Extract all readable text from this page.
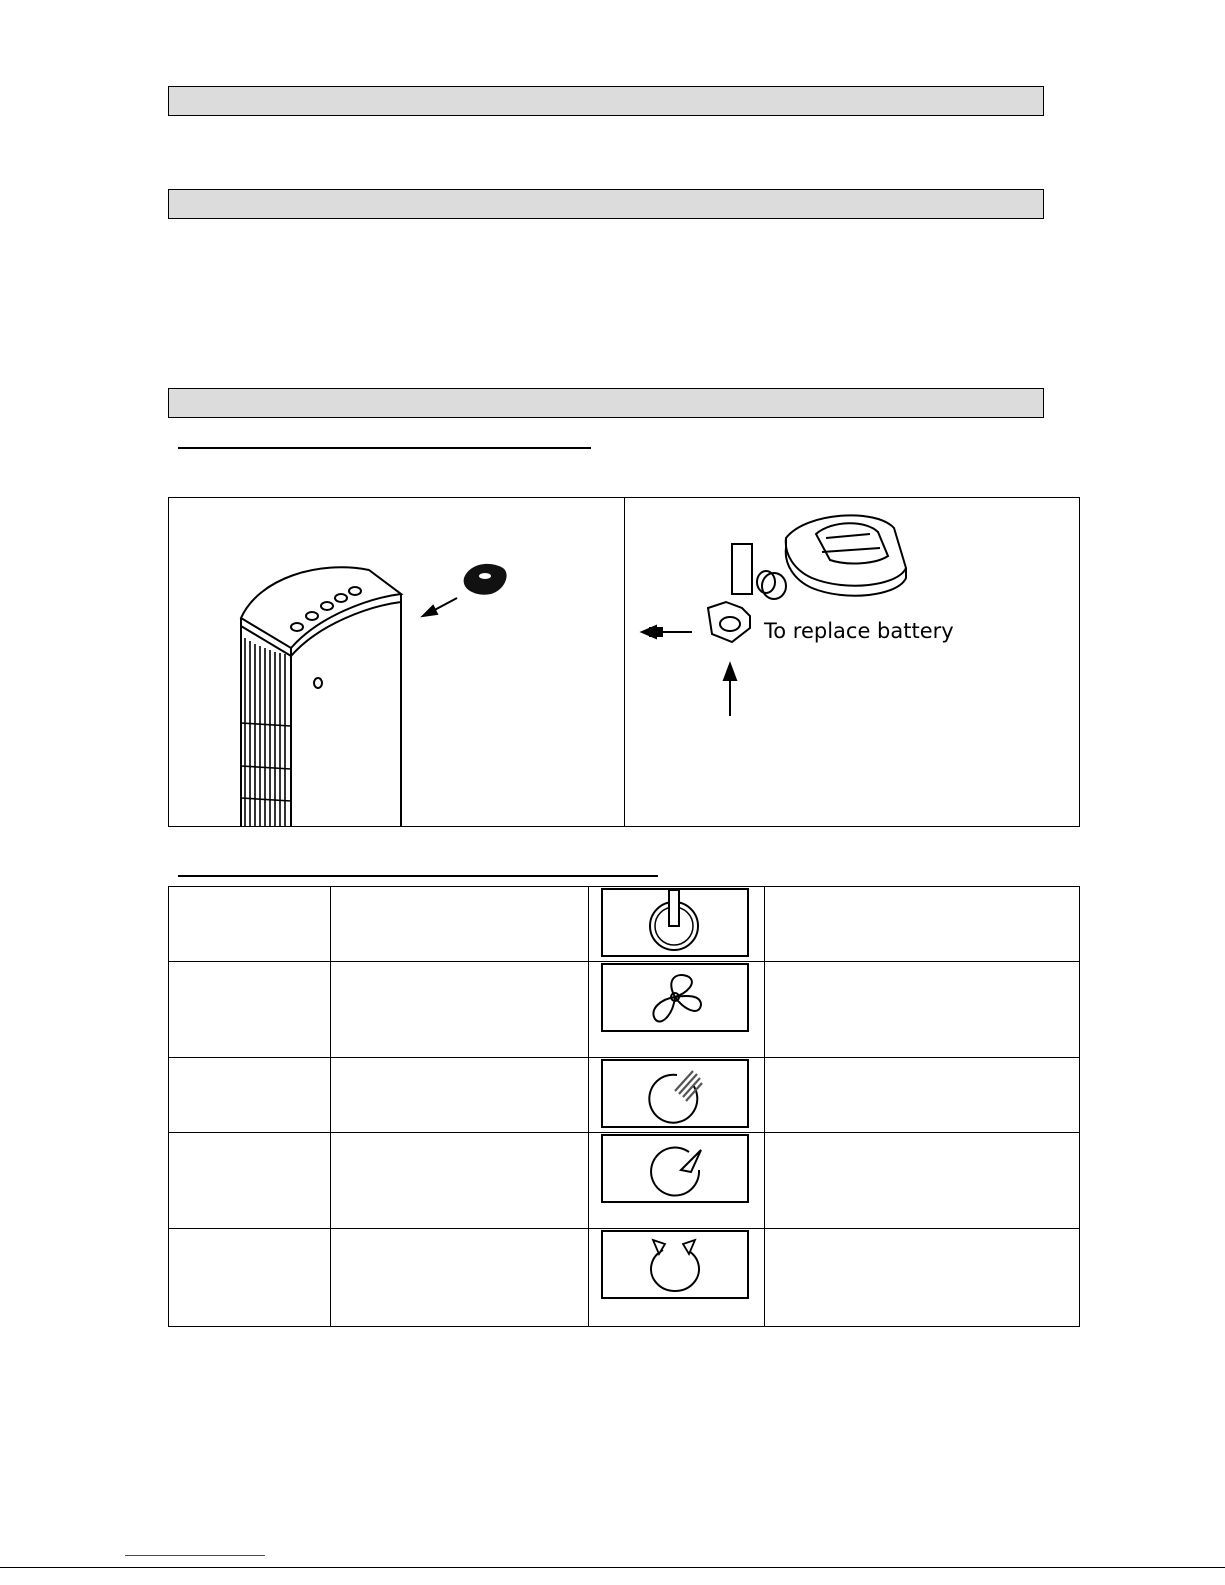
To replace battery
